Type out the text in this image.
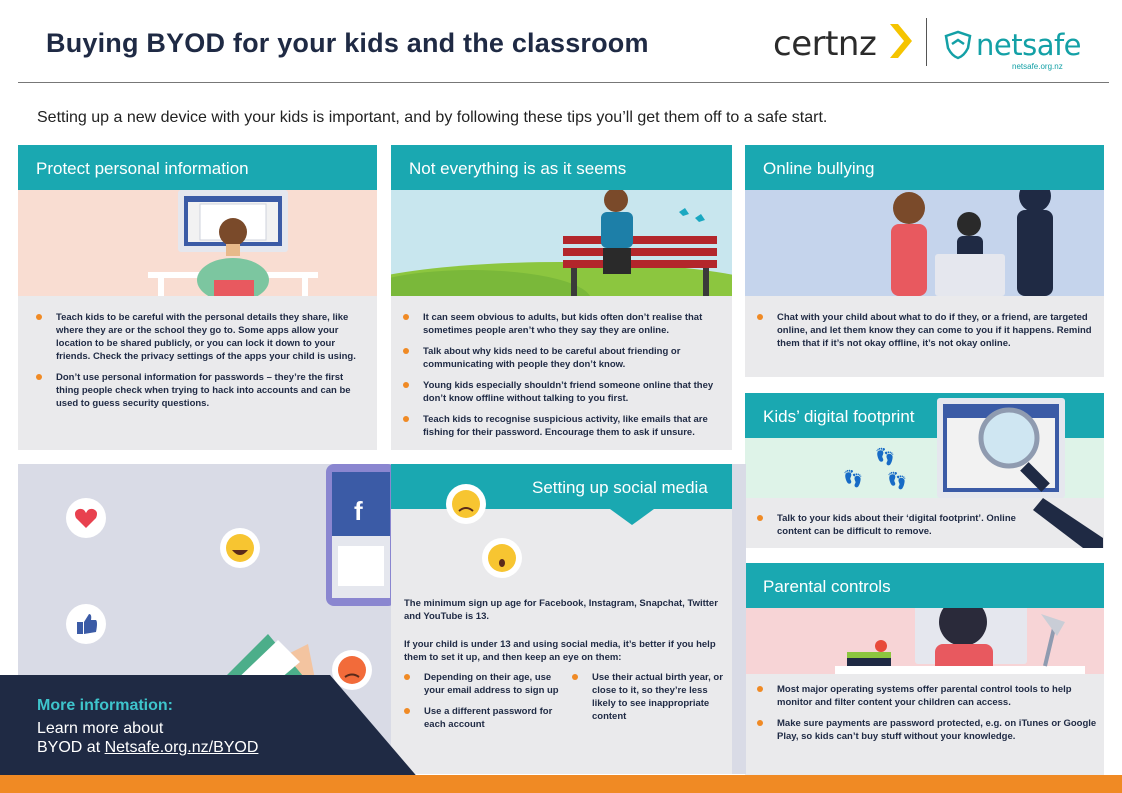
Buying BYOD for your kids and the classroom	certnz	netsafe
netsafe.org.nz
Setting up a new device with your kids is important, and by following these tips you’ll get them off to a safe start.
Protect personal information
Teach kids to be careful with the personal details they share, like where they are or the school they go to. Some apps allow your location to be shared publicly, or you can lock it down to your friends. Check the privacy settings of the apps your child is using.
Don’t use personal information for passwords – they’re the first thing people check when trying to hack into accounts and can be used to guess security questions.
Not everything is as it seems
It can seem obvious to adults, but kids often don’t realise that sometimes people aren’t who they say they are online.
Talk about why kids need to be careful about friending or communicating with people they don’t know.
Young kids especially shouldn’t friend someone online that they don’t know offline without talking to you first.
Teach kids to recognise suspicious activity, like emails that are fishing for their password. Encourage them to ask if unsure.
Online bullying
Chat with your child about what to do if they, or a friend, are targeted online, and let them know they can come to you if it happens. Remind them that if it’s not okay offline, it’s not okay online.
Kids’ digital footprint
👣
👣 👣
Talk to your kids about their ‘digital footprint’. Online content can be difficult to remove.
Parental controls
Most major operating systems offer parental control tools to help monitor and filter content your children can access.
Make sure payments are password protected, e.g. on iTunes or Google Play, so kids can’t buy stuff without your knowledge.
f
Setting up social media
The minimum sign up age for Facebook, Instagram, Snapchat, Twitter and YouTube is 13.
If your child is under 13 and using social media, it’s better if you help them to set it up, and then keep an eye on them:
Depending on their age, use your email address to sign up
Use a different password for each account
Use their actual birth year, or close to it, so they’re less likely to see inappropriate content
More information:
Learn more about
BYOD at Netsafe.org.nz/BYOD
